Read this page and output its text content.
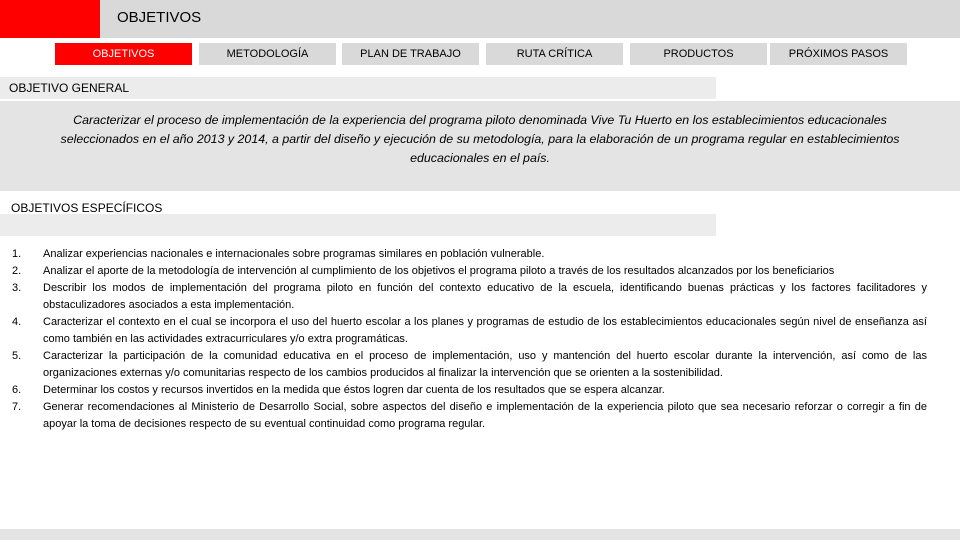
OBJETIVOS
OBJETIVOS	METODOLOGÍA	PLAN DE TRABAJO	RUTA CRÍTICA	PRODUCTOS	PRÓXIMOS PASOS
OBJETIVO GENERAL
Caracterizar el proceso de implementación de la experiencia del programa piloto denominada Vive Tu Huerto en los establecimientos educacionales seleccionados en el año 2013 y 2014, a partir del diseño y ejecución de su metodología, para la elaboración de un programa regular en establecimientos educacionales en el país.
OBJETIVOS ESPECÍFICOS
1.	Analizar experiencias nacionales e internacionales sobre programas similares en población vulnerable.
2.	Analizar el aporte de la metodología de intervención al cumplimiento de los objetivos el programa piloto a través de los resultados alcanzados por los beneficiarios
3.	Describir los modos de implementación del programa piloto en función del contexto educativo de la escuela, identificando buenas prácticas y los factores facilitadores y obstaculizadores asociados a esta implementación.
4.	Caracterizar el contexto en el cual se incorpora el uso del huerto escolar a los planes y programas de estudio de los establecimientos educacionales según nivel de enseñanza así como también en las actividades extracurriculares y/o extra programáticas.
5.	Caracterizar la participación de la comunidad educativa en el proceso de implementación, uso y mantención del huerto escolar durante la intervención, así como de las organizaciones externas y/o comunitarias respecto de los cambios producidos al finalizar la intervención que se orienten a la sostenibilidad.
6.	Determinar los costos y recursos invertidos en la medida que éstos logren dar cuenta de los resultados que se espera alcanzar.
7.	Generar recomendaciones al Ministerio de Desarrollo Social, sobre aspectos del diseño e implementación de la experiencia piloto que sea necesario reforzar o corregir a fin de apoyar la toma de decisiones respecto de su eventual continuidad como programa regular.
